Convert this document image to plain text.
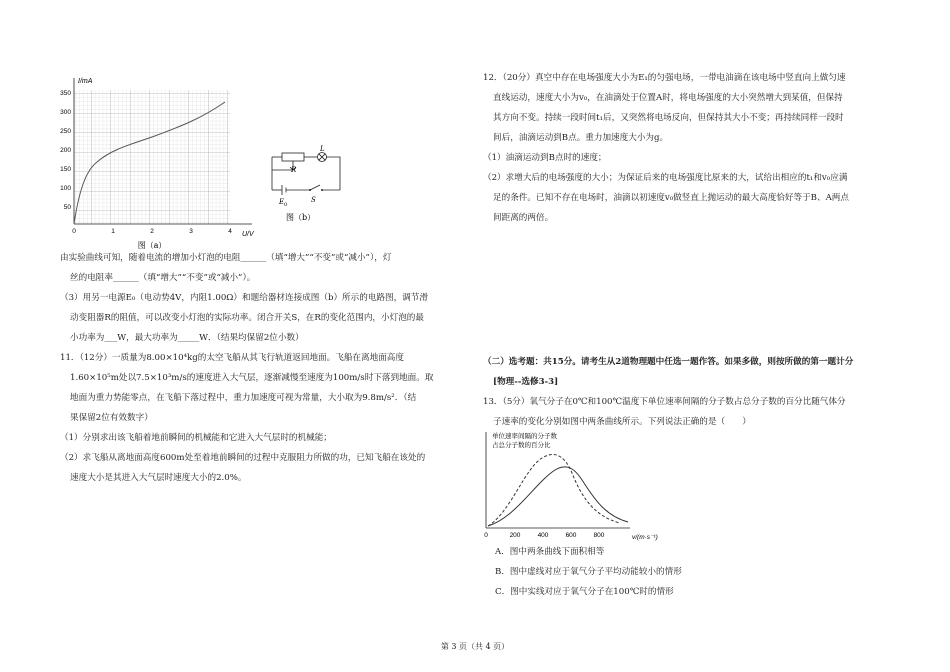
I/mA
U/V
350
300
250
200
150
100
50
0	1	2	3	4
图（a）
L
R
E 0
S
图（b）
由实验曲线可知，随着电流的增加小灯泡的电阻______（填“增大”“不变”或“减小”），灯
丝的电阻率______（填“增大”“不变”或“减小”）。
（3）用另一电源E₀（电动势4V，内阻1.00Ω）和题给器材连接成图（b）所示的电路图，调节滑
动变阻器R的阻值，可以改变小灯泡的实际功率。闭合开关S，在R的变化范围内，小灯泡的最
小功率为___W，最大功率为_____W．（结果均保留2位小数）
11．（12分）一质量为8.00×10⁴kg的太空飞船从其飞行轨道返回地面。飞船在离地面高度
1.60×10⁵m处以7.5×10³m/s的速度进入大气层，逐渐减慢至速度为100m/s时下落到地面。取
地面为重力势能零点，在飞船下落过程中，重力加速度可视为常量，大小取为9.8m/s²．（结
果保留2位有效数字）
（1）分别求出该飞船着地前瞬间的机械能和它进入大气层时的机械能；
（2）求飞船从离地面高度600m处至着地前瞬间的过程中克服阻力所做的功，已知飞船在该处的
速度大小是其进入大气层时速度大小的2.0%。
12．（20分）真空中存在电场强度大小为E₁的匀强电场，一带电油滴在该电场中竖直向上做匀速
直线运动，速度大小为v₀，在油滴处于位置A时，将电场强度的大小突然增大到某值，但保持
其方向不变。持续一段时间t₁后，又突然将电场反向，但保持其大小不变；再持续同样一段时
间后，油滴运动到B点。重力加速度大小为g。
（1）油滴运动到B点时的速度；
（2）求增大后的电场强度的大小；为保证后来的电场强度比原来的大，试给出相应的t₁和v₀应满
足的条件。已知不存在电场时，油滴以初速度v₀做竖直上抛运动的最大高度恰好等于B、A两点
间距离的两倍。
（二）选考题：共15分。请考生从2道物理题中任选一题作答。如果多做，则按所做的第一题计分
[物理--选修3-3]
13．（5分）氧气分子在0℃和100℃温度下单位速率间隔的分子数占总分子数的百分比随气体分
子速率的变化分别如图中两条曲线所示。下列说法正确的是（　　）
单位速率间隔的分子数
占总分子数的百分比
0	200	400	600	800	v/(m·s⁻¹)
A．图中两条曲线下面积相等
B．图中虚线对应于氧气分子平均动能较小的情形
C．图中实线对应于氧气分子在100℃时的情形
第 3 页（共 4 页）
